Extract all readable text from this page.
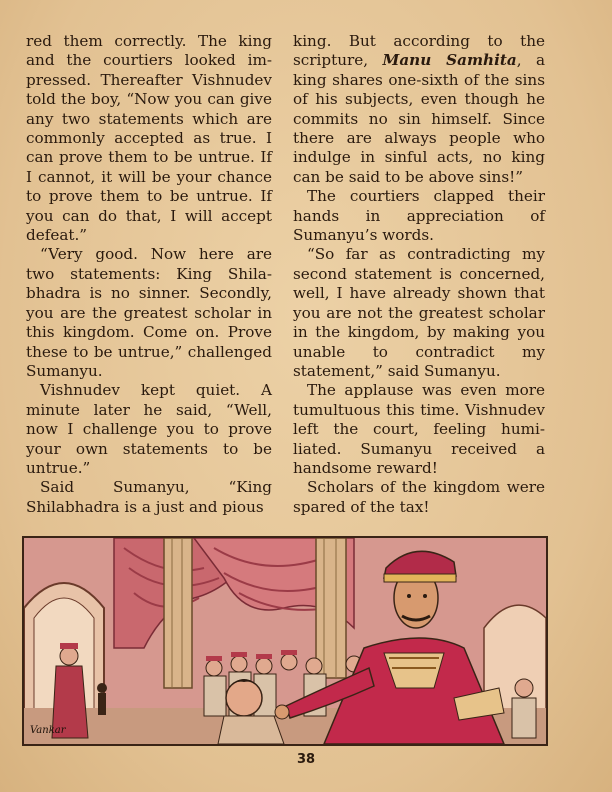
red them correctly. The king and the courtiers looked impressed. Thereafter Vishnudev told the boy, “Now you can give any two statements which are commonly accepted as true. I can prove them to be untrue. If I cannot, it will be your chance to prove them to be untrue. If you can do that, I will accept defeat.”

“Very good. Now here are two statements: King Shilabhadra is no sinner. Secondly, you are the greatest scholar in this kingdom. Come on. Prove these to be untrue,” challenged Sumanyu.

Vishnudev kept quiet. A minute later he said, “Well, now I challenge you to prove your own statements to be untrue.”

Said Sumanyu, “King Shilabhadra is a just and pious

king. But according to the scripture, Manu Samhita, a king shares one-sixth of the sins of his subjects, even though he commits no sin himself. Since there are always people who indulge in sinful acts, no king can be said to be above sins!”

The courtiers clapped their hands in appreciation of Sumanyu’s words.

“So far as contradicting my second statement is concerned, well, I have already shown that you are not the greatest scholar in the kingdom, by making you unable to contradict my statement,” said Sumanyu.

The applause was even more tumultuous this time. Vishnudev left the court, feeling humiliated. Sumanyu received a handsome reward!

Scholars of the kingdom were spared of the tax!

Vankar
38
